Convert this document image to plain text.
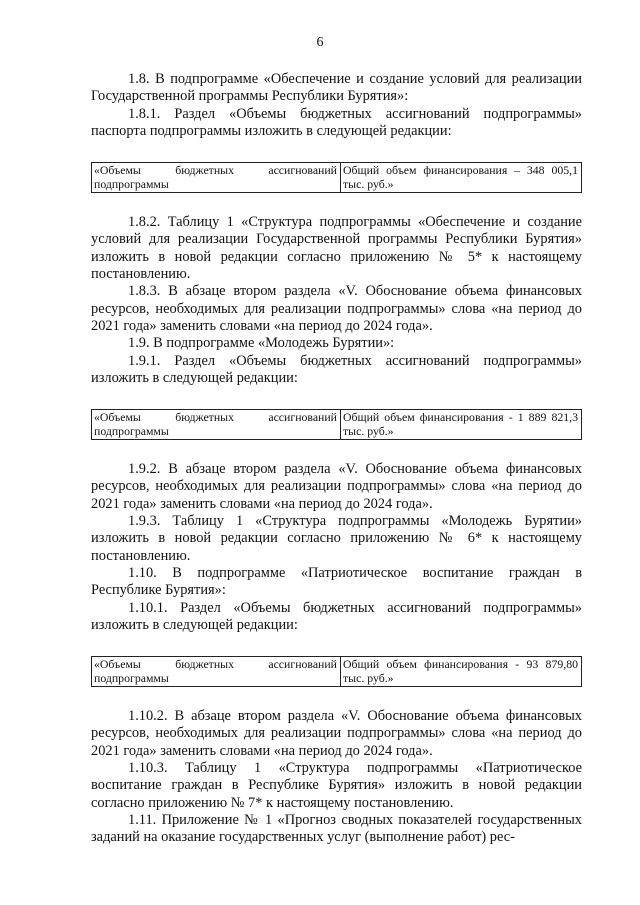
6

1.8. В подпрограмме «Обеспечение и создание условий для реализации Государственной программы Республики Бурятия»:

1.8.1. Раздел «Объемы бюджетных ассигнований подпрограммы» паспорта подпрограммы изложить в следующей редакции:

«Объемы бюджетных ассигнований подпрограммы	Общий объем финансирования – 348 005,1 тыс. руб.»

1.8.2. Таблицу 1 «Структура подпрограммы «Обеспечение и создание условий для реализации Государственной программы Республики Бурятия» изложить в новой редакции согласно приложению № 5* к настоящему постановлению.

1.8.3. В абзаце втором раздела «V. Обоснование объема финансовых ресурсов, необходимых для реализации подпрограммы» слова «на период до 2021 года» заменить словами «на период до 2024 года».

1.9. В подпрограмме «Молодежь Бурятии»:

1.9.1. Раздел «Объемы бюджетных ассигнований подпрограммы» изложить в следующей редакции:

«Объемы бюджетных ассигнований подпрограммы	Общий объем финансирования - 1 889 821,3 тыс. руб.»

1.9.2. В абзаце втором раздела «V. Обоснование объема финансовых ресурсов, необходимых для реализации подпрограммы» слова «на период до 2021 года» заменить словами «на период до 2024 года».

1.9.3. Таблицу 1 «Структура подпрограммы «Молодежь Бурятии» изложить в новой редакции согласно приложению № 6* к настоящему постановлению.

1.10. В подпрограмме «Патриотическое воспитание граждан в Республике Бурятия»:

1.10.1. Раздел «Объемы бюджетных ассигнований подпрограммы» изложить в следующей редакции:

«Объемы бюджетных ассигнований подпрограммы	Общий объем финансирования - 93 879,80 тыс. руб.»

1.10.2. В абзаце втором раздела «V. Обоснование объема финансовых ресурсов, необходимых для реализации подпрограммы» слова «на период до 2021 года» заменить словами «на период до 2024 года».

1.10.3. Таблицу 1 «Структура подпрограммы «Патриотическое воспитание граждан в Республике Бурятия» изложить в новой редакции согласно приложению № 7* к настоящему постановлению.

1.11. Приложение № 1 «Прогноз сводных показателей государственных заданий на оказание государственных услуг (выполнение работ) рес-
